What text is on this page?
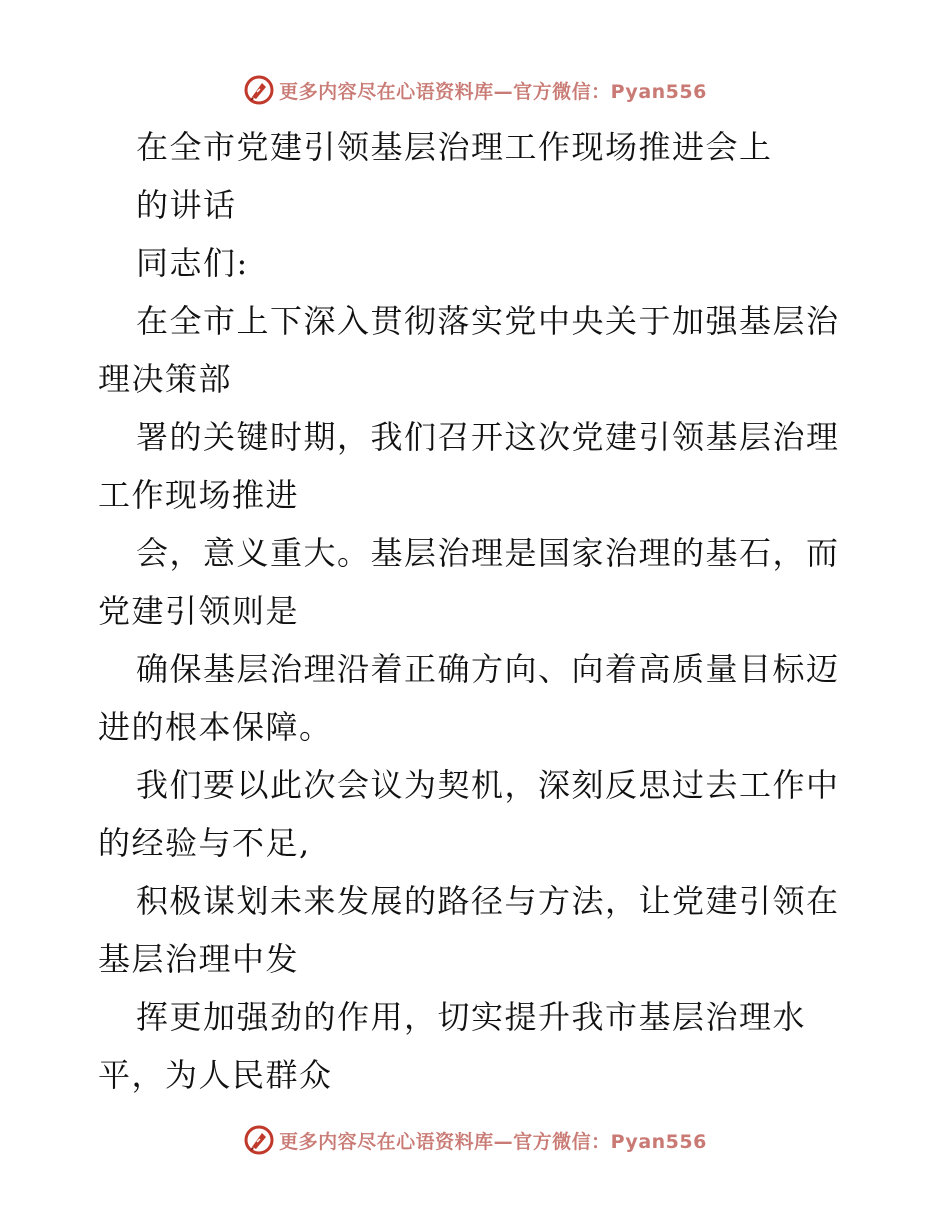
更多内容尽在心语资料库—官方微信：Pyan556
在全市党建引领基层治理工作现场推进会上
的讲话
同志们:
在全市上下深入贯彻落实党中央关于加强基层治
理决策部
署的关键时期，我们召开这次党建引领基层治理
工作现场推进
会，意义重大。基层治理是国家治理的基石，而
党建引领则是
确保基层治理沿着正确方向、向着高质量目标迈
进的根本保障。
我们要以此次会议为契机，深刻反思过去工作中
的经验与不足,
积极谋划未来发展的路径与方法，让党建引领在
基层治理中发
挥更加强劲的作用，切实提升我市基层治理水
平，为人民群众
更多内容尽在心语资料库—官方微信：Pyan556
